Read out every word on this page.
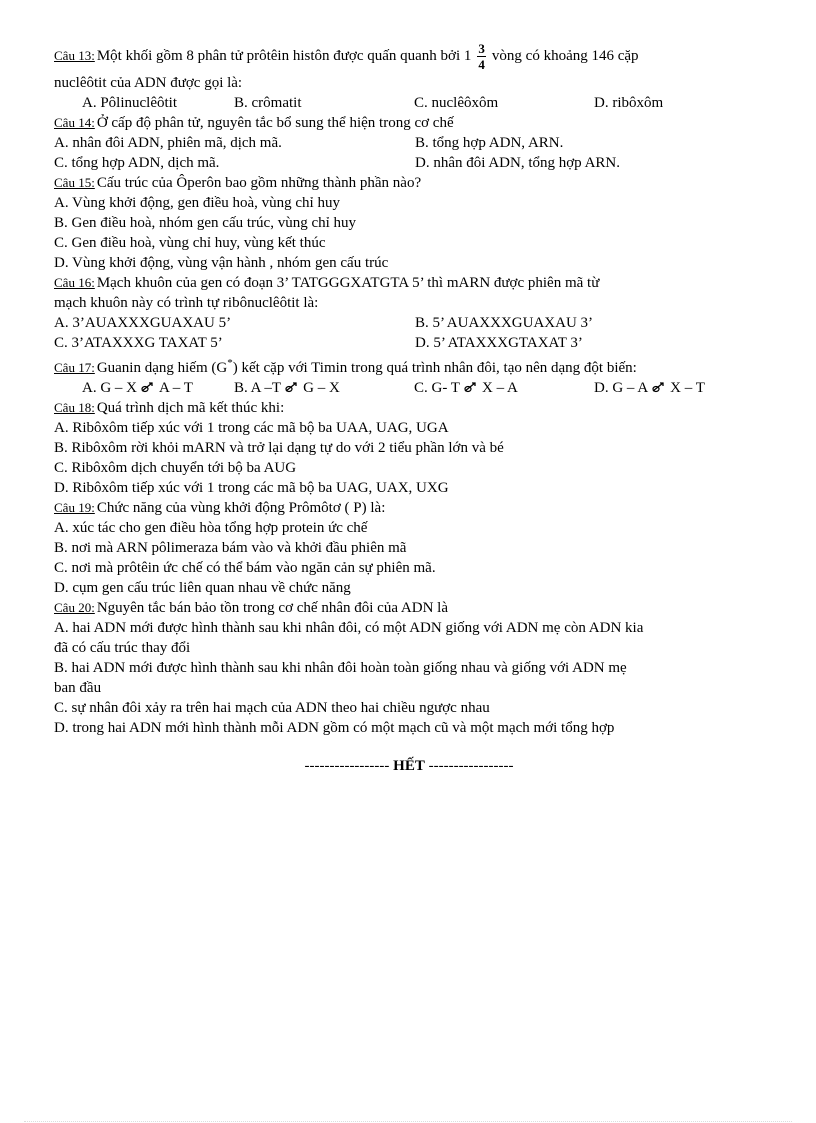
Câu 13: Một khối gồm 8 phân tử prôtêin histôn được quấn quanh bởi $1 \frac{3}{4}$ vòng có khoảng 146 cặp
nuclêôtit của ADN được gọi là:
A. Pôlinuclêôtit	B. crômatit	C. nuclêôxôm	D. ribôxôm
Câu 14: Ở cấp độ phân tử, nguyên tắc bổ sung thể hiện trong cơ chế
A. nhân đôi ADN, phiên mã, dịch mã.	B. tổng hợp ADN, ARN.
C. tổng hợp ADN, dịch mã.	D. nhân đôi ADN, tổng hợp ARN.
Câu 15: Cấu trúc của Ôperôn bao gồm những thành phần nào?
A. Vùng khởi động, gen điều hoà, vùng chỉ huy
B. Gen điều hoà, nhóm gen cấu trúc, vùng chỉ huy
C. Gen điều hoà, vùng chỉ huy, vùng kết thúc
D. Vùng khởi động, vùng vận hành , nhóm gen cấu trúc
Câu 16: Mạch khuôn của gen có đoạn 3’ TATGGGXATGTA 5’ thì mARN được phiên mã từ
mạch khuôn này có trình tự ribônuclêôtit là:
A. 3’AUAXXXGUAXAU 5’	B. 5’ AUAXXXGUAXAU 3’
C. 3’ATAXXXG TAXAT 5’	D. 5’ ATAXXXGTAXAT 3’
Câu 17: Guanin dạng hiếm (G*) kết cặp với Timin trong quá trình nhân đôi, tạo nên dạng đột biến:
A. G – X A – T	B. A –T G – X	C. G- T X – A	D. G – A X – T
Câu 18: Quá trình dịch mã kết thúc khi:
A. Ribôxôm tiếp xúc với 1 trong các mã bộ ba UAA, UAG, UGA
B. Ribôxôm rời khỏi mARN và trở lại dạng tự do với 2 tiểu phần lớn và bé
C. Ribôxôm dịch chuyển tới bộ ba AUG
D. Ribôxôm tiếp xúc với 1 trong các mã bộ ba UAG, UAX, UXG
Câu 19: Chức năng của vùng khởi động Prômôtơ ( P) là:
A. xúc tác cho gen điều hòa tổng hợp protein ức chế
B. nơi mà ARN pôlimeraza bám vào và khởi đầu phiên mã
C. nơi mà prôtêin ức chế có thể bám vào ngăn cản sự phiên mã.
D. cụm gen cấu trúc liên quan nhau về chức năng
Câu 20: Nguyên tắc bán bảo tồn trong cơ chế nhân đôi của ADN là
A. hai ADN mới được hình thành sau khi nhân đôi, có một ADN giống với ADN mẹ còn ADN kia
đã có cấu trúc thay đổi
B. hai ADN mới được hình thành sau khi nhân đôi hoàn toàn giống nhau và giống với ADN mẹ
ban đầu
C. sự nhân đôi xảy ra trên hai mạch của ADN theo hai chiều ngược nhau
D. trong hai ADN mới hình thành mỗi ADN gồm có một mạch cũ và một mạch mới tổng hợp
----------------- HẾT -----------------
